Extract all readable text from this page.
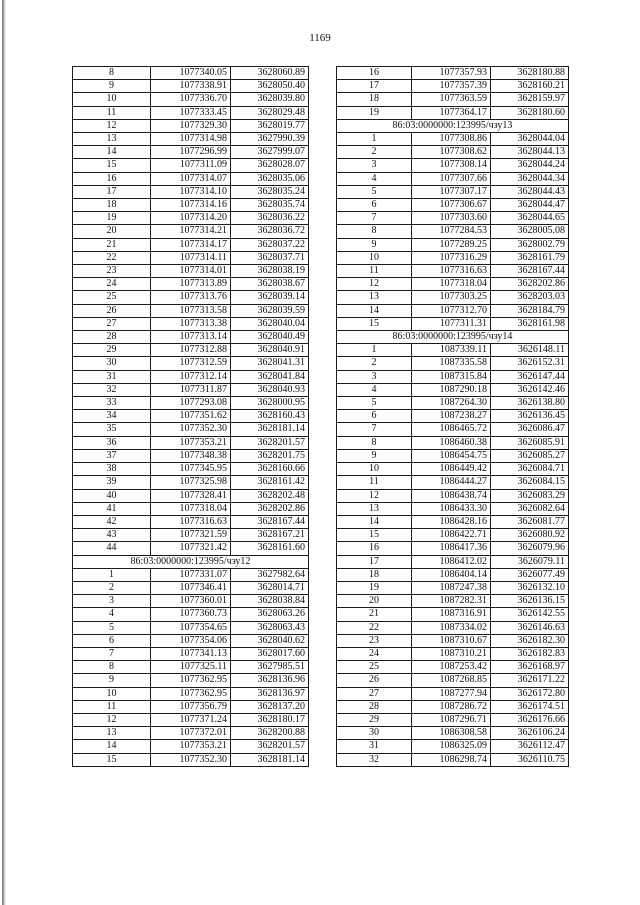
1169
8	1077340.05	3628060.89
9	1077338.91	3628050.40
10	1077336.70	3628039.80
11	1077333.45	3628029.48
12	1077329.30	3628019.77
13	1077314.98	3627990.39
14	1077296.99	3627999.07
15	1077311.09	3628028.07
16	1077314.07	3628035.06
17	1077314.10	3628035.24
18	1077314.16	3628035.74
19	1077314.20	3628036.22
20	1077314.21	3628036.72
21	1077314.17	3628037.22
22	1077314.11	3628037.71
23	1077314.01	3628038.19
24	1077313.89	3628038.67
25	1077313.76	3628039.14
26	1077313.58	3628039.59
27	1077313.38	3628040.04
28	1077313.14	3628040.49
29	1077312.88	3628040.91
30	1077312.59	3628041.31
31	1077312.14	3628041.84
32	1077311.87	3628040.93
33	1077293.08	3628000.95
34	1077351.62	3628160.43
35	1077352.30	3628181.14
36	1077353.21	3628201.57
37	1077348.38	3628201.75
38	1077345.95	3628160.66
39	1077325.98	3628161.42
40	1077328.41	3628202.48
41	1077318.04	3628202.86
42	1077316.63	3628167.44
43	1077321.59	3628167.21
44	1077321.42	3628161.60
86:03:0000000:123995/чзу12		
1	1077331.07	3627982.64
2	1077346.41	3628014.71
3	1077360.01	3628038.84
4	1077360.73	3628063.26
5	1077354.65	3628063.43
6	1077354.06	3628040.62
7	1077341.13	3628017.60
8	1077325.11	3627985.51
9	1077362.95	3628136.96
10	1077362.95	3628136.97
11	1077356.79	3628137.20
12	1077371.24	3628180.17
13	1077372.01	3628200.88
14	1077353.21	3628201.57
15	1077352.30	3628181.14
16	1077357.93	3628180.88
17	1077357.39	3628160.21
18	1077363.59	3628159.97
19	1077364.17	3628180.60
86:03:0000000:123995/чзу13		
1	1077308.86	3628044.04
2	1077308.62	3628044.13
3	1077308.14	3628044.24
4	1077307.66	3628044.34
5	1077307.17	3628044.43
6	1077306.67	3628044.47
7	1077303.60	3628044.65
8	1077284.53	3628005.08
9	1077289.25	3628002.79
10	1077316.29	3628161.79
11	1077316.63	3628167.44
12	1077318.04	3628202.86
13	1077303.25	3628203.03
14	1077312.70	3628184.79
15	1077311.31	3628161.98
86:03:0000000:123995/чзу14		
1	1087339.11	3626148.11
2	1087335.58	3626152.31
3	1087315.84	3626147.44
4	1087290.18	3626142.46
5	1087264.30	3626138.80
6	1087238.27	3626136.45
7	1086465.72	3626086.47
8	1086460.38	3626085.91
9	1086454.75	3626085.27
10	1086449.42	3626084.71
11	1086444.27	3626084.15
12	1086438.74	3626083.29
13	1086433.30	3626082.64
14	1086428.16	3626081.77
15	1086422.71	3626080.92
16	1086417.36	3626079.96
17	1086412.02	3626079.11
18	1086404.14	3626077.49
19	1087247.38	3626132.10
20	1087282.31	3626136.15
21	1087316.91	3626142.55
22	1087334.02	3626146.63
23	1087310.67	3626182.30
24	1087310.21	3626182.83
25	1087253.42	3626168.97
26	1087268.85	3626171.22
27	1087277.94	3626172.80
28	1087286.72	3626174.51
29	1087296.71	3626176.66
30	1086308.58	3626106.24
31	1086325.09	3626112.47
32	1086298.74	3626110.75
